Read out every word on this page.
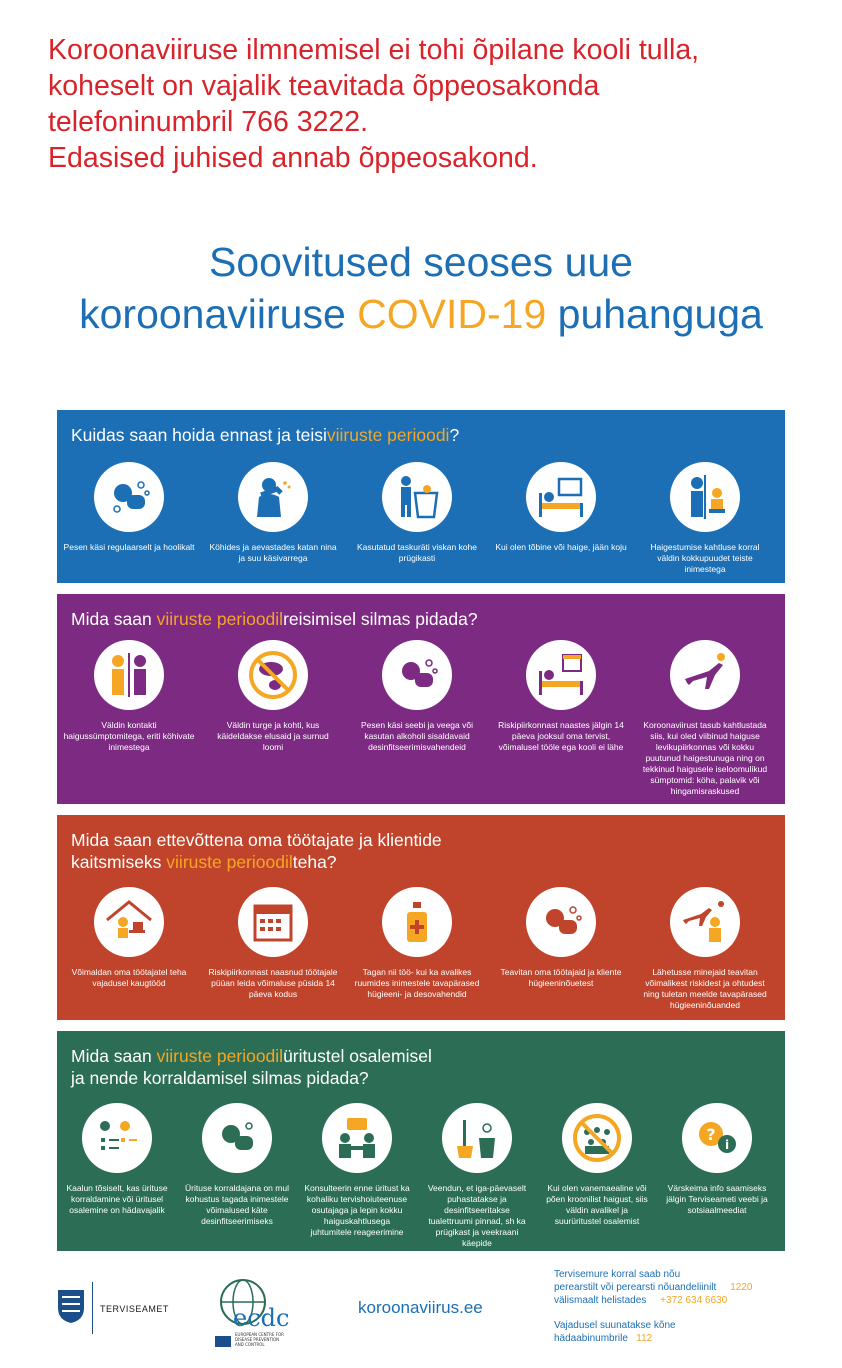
Koroonaviiruse ilmnemisel ei tohi õpilane kooli tulla,
koheselt on vajalik teavitada õppeosakonda
telefoninumbril 766 3222.
Edasised juhised annab õppeosakond.
Soovitused seoses uue
koroonaviiruse COVID-19 puhanguga
Kuidas saan hoida ennast ja teisiviiruste perioodi?
Pesen käsi regulaarselt ja hoolikalt	Köhides ja aevastades katan nina ja suu käsivarrega
Kasutatud taskuräti viskan kohe prügikasti
Kui olen tõbine või haige, jään koju	Haigestumise kahtluse korral väldin kokkupuudet teiste inimestega
Mida saan viiruste perioodilreisimisel silmas pidada?
Väldin kontakti haigussümptomitega, eriti köhivate inimestega
Väldin turge ja kohti, kus käideldakse elusaid ja surnud loomi
Pesen käsi seebi ja veega või kasutan alkoholi sisaldavaid desinfitseerimisvahendeid
Riskipiirkonnast naastes jälgin 14 päeva jooksul oma tervist, võimalusel tööle ega kooli ei lähe
Koroonaviirust tasub kahtlustada siis, kui oled viibinud haiguse levikupiirkonnas või kokku puutunud haigestunuga ning on tekkinud haigusele iseloomulikud sümptomid: köha, palavik või hingamisraskused
Mida saan ettevõttena oma töötajate ja klientide
kaitsmiseks viiruste perioodilteha?
Võimaldan oma töötajatel teha vajadusel kaugtööd
Riskipiirkonnast naasnud töötajale püüan leida võimaluse püsida 14 päeva kodus
Tagan nii töö- kui ka avalikes ruumides inimestele tavapärased hügieeni- ja desovahendid
Teavitan oma töötajaid ja kliente hügieeninõuetest
Lähetusse minejaid teavitan võimalikest riskidest ja ohtudest ning tuletan meelde tavapärased hügieeninõuanded
Mida saan viiruste perioodilüritustel osalemisel
ja nende korraldamisel silmas pidada?
Kaalun tõsiselt, kas ürituse korraldamine või üritusel osalemine on hädavajalik
Ürituse korraldajana on mul kohustus tagada inimestele võimalused käte desinfitseerimiseks
Konsulteerin enne üritust ka kohaliku tervishoiuteenuse osutajaga ja lepin kokku haiguskahtlusega juhtumitele reageerimine
Veendun, et iga-päevaselt puhastatakse ja desinfitseeritakse tualettruumi pinnad, sh ka prügikast ja veekraani käepide
Kui olen vanemaealine või põen kroonilist haigust, siis väldin avalikel ja suurüritustel osalemist
?
i
Värskeima info saamiseks jälgin Terviseameti veebi ja sotsiaalmeediat
TERVISEAMET	ecdc
EUROPEAN CENTRE FOR
DISEASE PREVENTION
AND CONTROL
koroonaviirus.ee

Tervisemure korral saab nõu
perearstilt või perearsti nõuandeliinilt 1220
välismaalt helistades +372 634 6630

Vajadusel suunatakse kõne
hädaabinumbrile 112
